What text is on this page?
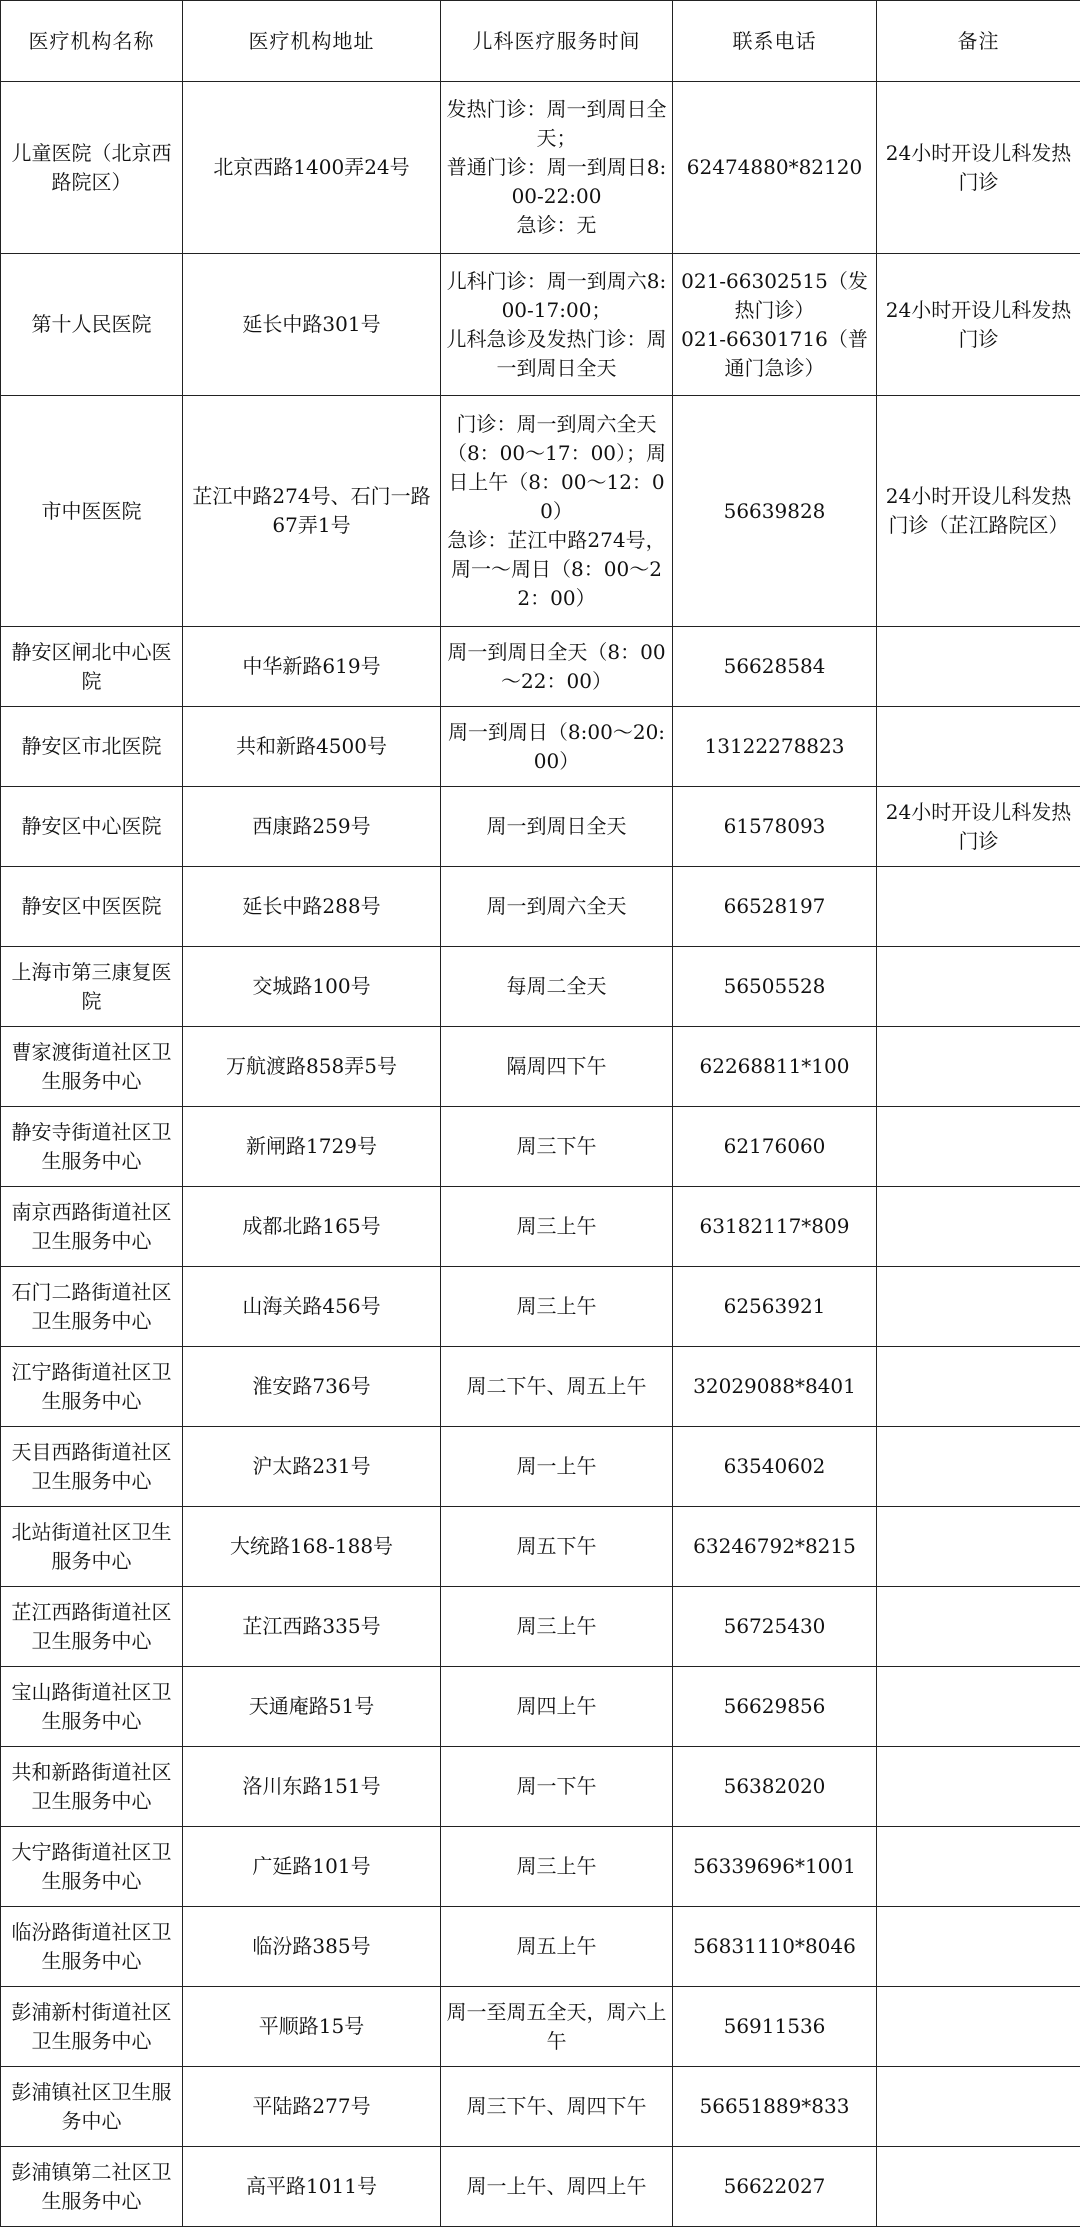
医疗机构名称	医疗机构地址	儿科医疗服务时间	联系电话	备注
儿童医院（北京西路院区）	北京西路1400弄24号	发热门诊：周一到周日全天；
普通门诊：周一到周日8:00-22:00
急诊：无	62474880*82120	24小时开设儿科发热门诊
第十人民医院	延长中路301号	儿科门诊：周一到周六8:00-17:00；
儿科急诊及发热门诊：周一到周日全天	021-66302515（发热门诊）
021-66301716（普通门急诊）	24小时开设儿科发热门诊
市中医医院	芷江中路274号、石门一路67弄1号	门诊：周一到周六全天（8：00～17：00）；周日上午（8：00～12：00）
急诊：芷江中路274号，周一～周日（8：00～22：00）	56639828	24小时开设儿科发热门诊（芷江路院区）
静安区闸北中心医院	中华新路619号	周一到周日全天（8：00～22：00）	56628584	
静安区市北医院	共和新路4500号	周一到周日（8:00～20:00）	13122278823	
静安区中心医院	西康路259号	周一到周日全天	61578093	24小时开设儿科发热门诊
静安区中医医院	延长中路288号	周一到周六全天	66528197	
上海市第三康复医院	交城路100号	每周二全天	56505528	
曹家渡街道社区卫生服务中心	万航渡路858弄5号	隔周四下午	62268811*100	
静安寺街道社区卫生服务中心	新闸路1729号	周三下午	62176060	
南京西路街道社区卫生服务中心	成都北路165号	周三上午	63182117*809	
石门二路街道社区卫生服务中心	山海关路456号	周三上午	62563921	
江宁路街道社区卫生服务中心	淮安路736号	周二下午、周五上午	32029088*8401	
天目西路街道社区卫生服务中心	沪太路231号	周一上午	63540602	
北站街道社区卫生服务中心	大统路168-188号	周五下午	63246792*8215	
芷江西路街道社区卫生服务中心	芷江西路335号	周三上午	56725430	
宝山路街道社区卫生服务中心	天通庵路51号	周四上午	56629856	
共和新路街道社区卫生服务中心	洛川东路151号	周一下午	56382020	
大宁路街道社区卫生服务中心	广延路101号	周三上午	56339696*1001	
临汾路街道社区卫生服务中心	临汾路385号	周五上午	56831110*8046	
彭浦新村街道社区卫生服务中心	平顺路15号	周一至周五全天，周六上午	56911536	
彭浦镇社区卫生服务中心	平陆路277号	周三下午、周四下午	56651889*833	
彭浦镇第二社区卫生服务中心	高平路1011号	周一上午、周四上午	56622027	
